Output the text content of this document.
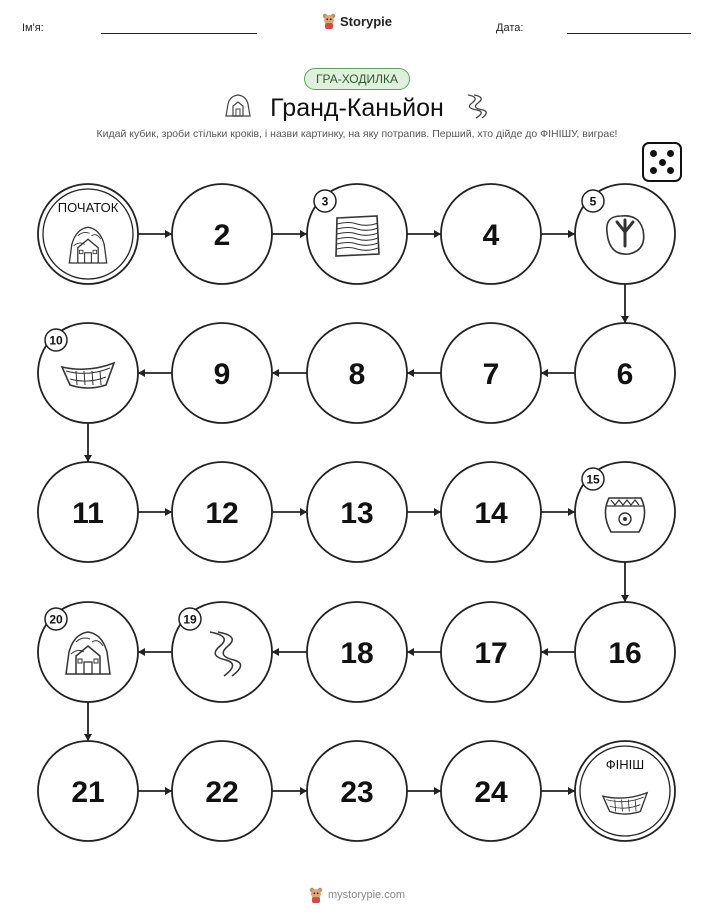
Ім'я:	Storypie	Дата:
ГРА-ХОДИЛКА
Гранд-Каньйон
Кидай кубик, зроби стільки кроків, і назви картинку, на яку потрапив. Перший, хто дійде до ФІНІШУ, виграє!
ПОЧАТОК
2
3
4
5
6
7
8
9
10
11	12	13	14
15
16
17
18
19
20
21	22	23	24
ФІНІШ
mystorypie.com
